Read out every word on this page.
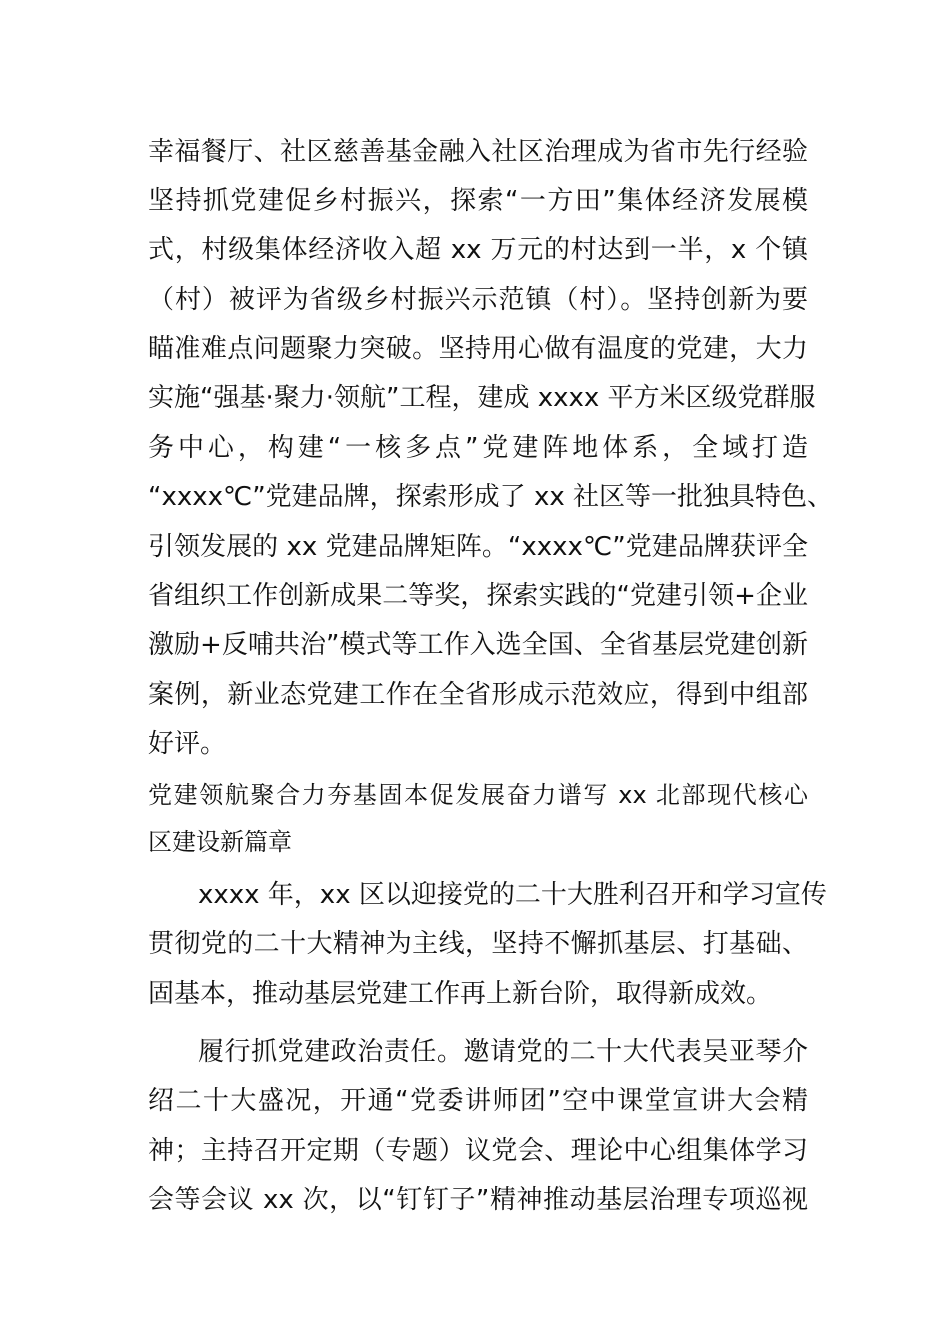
幸福餐厅、社区慈善基金融入社区治理成为省市先行经验
坚持抓党建促乡村振兴，探索“一方田”集体经济发展模
式，村级集体经济收入超 xx 万元的村达到一半，x 个镇
（村）被评为省级乡村振兴示范镇（村）。坚持创新为要
瞄准难点问题聚力突破。坚持用心做有温度的党建，大力
实施“强基·聚力·领航”工程，建成 xxxx 平方米区级党群服
务中心，构建“一核多点”党建阵地体系，全域打造
“xxxx℃”党建品牌，探索形成了 xx 社区等一批独具特色、
引领发展的 xx 党建品牌矩阵。“xxxx℃”党建品牌获评全
省组织工作创新成果二等奖，探索实践的“党建引领+企业
激励+反哺共治”模式等工作入选全国、全省基层党建创新
案例，新业态党建工作在全省形成示范效应，得到中组部
好评。
党建领航聚合力夯基固本促发展奋力谱写 xx 北部现代核心
区建设新篇章
xxxx 年，xx 区以迎接党的二十大胜利召开和学习宣传
贯彻党的二十大精神为主线，坚持不懈抓基层、打基础、
固基本，推动基层党建工作再上新台阶，取得新成效。
履行抓党建政治责任。邀请党的二十大代表吴亚琴介
绍二十大盛况，开通“党委讲师团”空中课堂宣讲大会精
神；主持召开定期（专题）议党会、理论中心组集体学习
会等会议 xx 次，以“钉钉子”精神推动基层治理专项巡视
